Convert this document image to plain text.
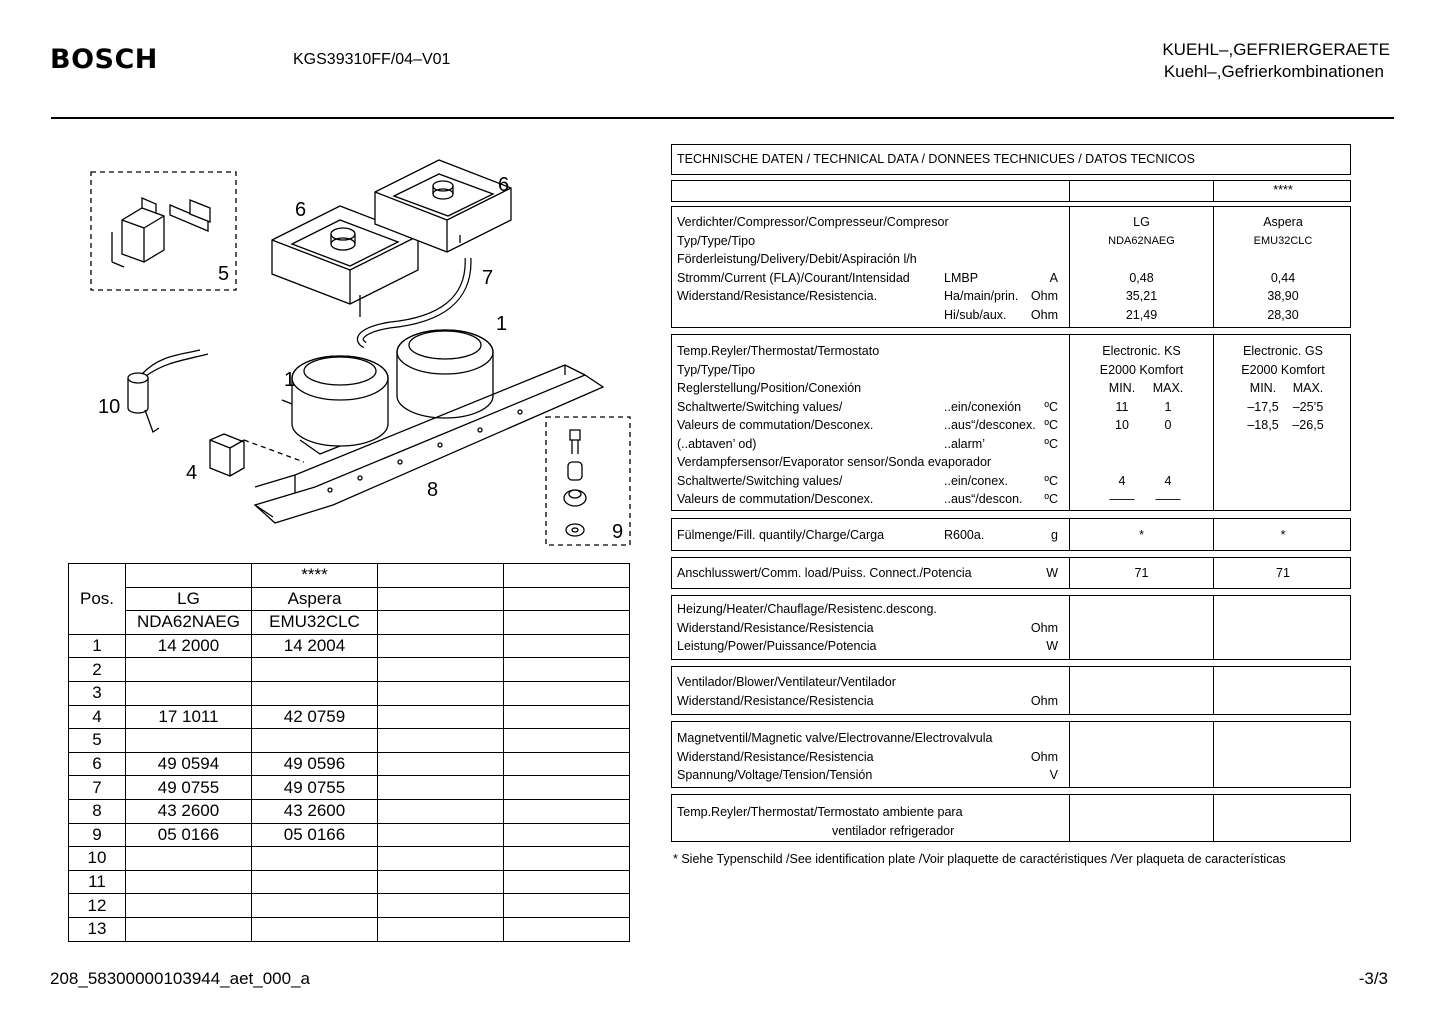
BOSCH	KGS39310FF/04–V01
KUEHL–,GEFRIERGERAETE
Kuehl–,Gefrierkombinationen
6
6
5	7
1
1
10
4
8
9
Pos.		****		
	LG	Aspera		
	NDA62NAEG	EMU32CLC		
1	14 2000	14 2004		
2				
3				
4	17 1011	42 0759		
5				
6	49 0594	49 0596		
7	49 0755	49 0755		
8	43 2600	43 2600		
9	05 0166	05 0166		
10				
11				
12				
13				
TECHNISCHE DATEN / TECHNICAL DATA / DONNEES TECHNICUES / DATOS TECNICOS
****
Verdichter/Compressor/Compresseur/Compresor	LG	Aspera
Typ/Type/Tipo	NDA62NAEG	EMU32CLC
Förderleistung/Delivery/Debit/Aspiración l/h
Stromm/Current (FLA)/Courant/Intensidad	LMBP	A	0,48	0,44
Widerstand/Resistance/Resistencia.	Ha/main/prin. Ohm	35,21	38,90
Hi/sub/aux. Ohm	21,49	28,30
Temp.Reyler/Thermostat/Termostato	Electronic. KS	Electronic. GS
Typ/Type/Tipo	E2000 Komfort	E2000 Komfort
Reglerstellung/Position/Conexión	MIN.	MAX.	MIN.	MAX.
Schaltwerte/Switching values/	..ein/conexión ºC	11	1	–17,5	–25’5
Valeurs de commutation/Desconex.	..aus“/desconex. ºC	10	0	–18,5	–26,5
(..abtaven’ od)	..alarm’	ºC
Verdampfersensor/Evaporator sensor/Sonda evaporador
Schaltwerte/Switching values/	..ein/conex.	ºC	4	4
Valeurs de commutation/Desconex.	..aus“/descon. ºC	——	——
Fülmenge/Fill. quantily/Charge/Carga	R600a.	g	*	*
Anschlusswert/Comm. load/Puiss. Connect./Potencia	W	71	71
Heizung/Heater/Chauflage/Resistenc.descong.
Widerstand/Resistance/Resistencia	Ohm
Leistung/Power/Puissance/Potencia	W
Ventilador/Blower/Ventilateur/Ventilador
Widerstand/Resistance/Resistencia	Ohm
Magnetventil/Magnetic valve/Electrovanne/Electrovalvula
Widerstand/Resistance/Resistencia	Ohm
Spannung/Voltage/Tension/Tensión	V
Temp.Reyler/Thermostat/Termostato ambiente para
ventilador refrigerador
* Siehe Typenschild /See identification plate /Voir plaquette de caractéristiques /Ver plaqueta de características
208_58300000103944_aet_000_a	-3/3
